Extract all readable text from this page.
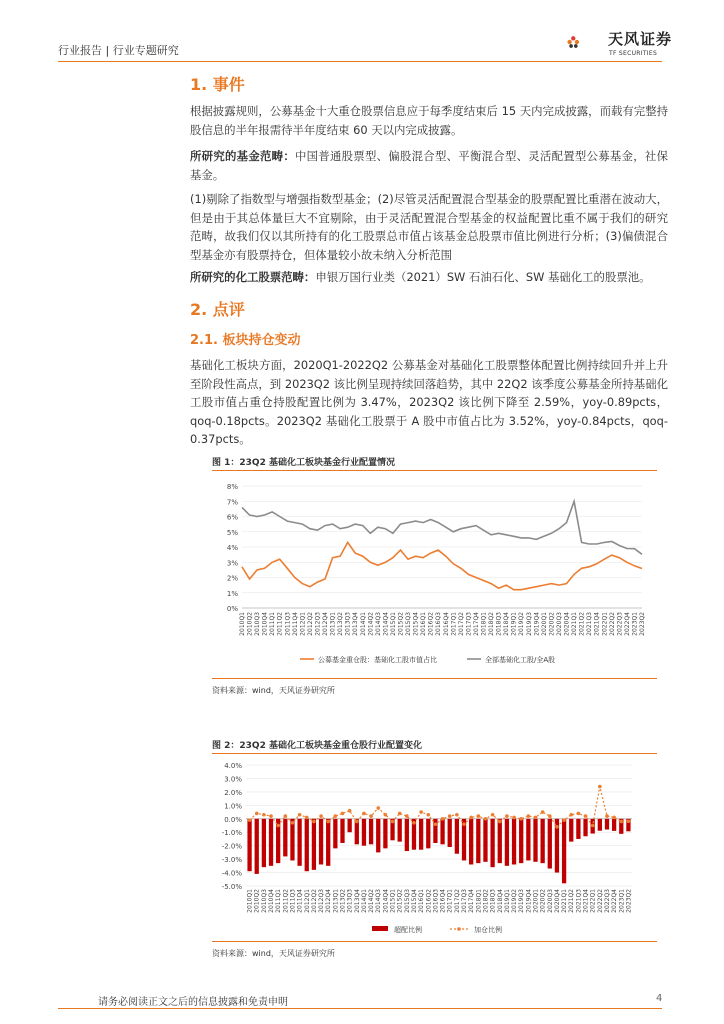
行业报告 | 行业专题研究
天风证券
TF SECURITIES
1. 事件
根据披露规则，公募基金十大重仓股票信息应于每季度结束后 15 天内完成披露，而载有完整持股信息的半年报需待半年度结束 60 天以内完成披露。
所研究的基金范畴：中国普通股票型、偏股混合型、平衡混合型、灵活配置型公募基金，社保基金。
(1)剔除了指数型与增强指数型基金；(2)尽管灵活配置混合型基金的股票配置比重潜在波动大，但是由于其总体量巨大不宜剔除，由于灵活配置混合型基金的权益配置比重不属于我们的研究范畴，故我们仅以其所持有的化工股票总市值占该基金总股票市值比例进行分析；(3)偏债混合型基金亦有股票持仓，但体量较小故未纳入分析范围
所研究的化工股票范畴：申银万国行业类（2021）SW 石油石化、SW 基础化工的股票池。
2. 点评
2.1. 板块持仓变动
基础化工板块方面，2020Q1-2022Q2 公募基金对基础化工股票整体配置比例持续回升并上升至阶段性高点，到 2023Q2 该比例呈现持续回落趋势，其中 22Q2 该季度公募基金所持基础化工股市值占重仓持股配置比例为 3.47%，2023Q2 该比例下降至 2.59%，yoy-0.89pcts，qoq-0.18pcts。2023Q2 基础化工股票于 A 股中市值占比为 3.52%，yoy-0.84pcts，qoq-0.37pcts。
图 1：23Q2 基础化工板块基金行业配置情况
0%
1%
2%
3%
4%
5%
6%
7%
8%
2010Q1 2010Q2 2010Q3 2010Q4 2011Q1 2011Q2 2011Q3 2011Q4 2012Q1 2012Q2 2012Q3 2012Q4 2013Q1 2013Q2 2013Q3 2013Q4 2014Q1 2014Q2 2014Q3 2014Q4 2015Q1 2015Q2 2015Q3 2015Q4 2016Q1 2016Q2 2016Q3 2016Q4 2017Q1 2017Q2 2017Q3 2017Q4 2018Q1 2018Q2 2018Q3 2018Q4 2019Q1 2019Q2 2019Q3 2019Q4 2020Q1 2020Q2 2020Q3 2020Q4 2021Q1 2021Q2 2021Q3 2021Q4 2022Q1 2022Q2 2022Q3 2022Q4 2023Q1 2023Q2
公募基金重仓股：基础化工股市值占比	全部基础化工股/全A股
资料来源：wind，天风证券研究所
图 2：23Q2 基础化工板块基金重仓股行业配置变化
4.0%
3.0%
2.0%
1.0%
0.0%
-1.0%
-2.0%
-3.0%
-4.0%
-5.0%
2010Q1 2010Q2 2010Q3 2010Q4 2011Q1 2011Q2 2011Q3 2011Q4 2012Q1 2012Q2 2012Q3 2012Q4 2013Q1 2013Q2 2013Q3 2013Q4 2014Q1 2014Q2 2014Q3 2014Q4 2015Q1 2015Q2 2015Q3 2015Q4 2016Q1 2016Q2 2016Q3 2016Q4 2017Q1 2017Q2 2017Q3 2017Q4 2018Q1 2018Q2 2018Q3 2018Q4 2019Q1 2019Q2 2019Q3 2019Q4 2020Q1 2020Q2 2020Q3 2020Q4 2021Q1 2021Q2 2021Q3 2021Q4 2022Q1 2022Q2 2022Q3 2022Q4 2023Q1 2023Q2
超配比例	加仓比例
资料来源：wind，天风证券研究所
请务必阅读正文之后的信息披露和免责申明	4
